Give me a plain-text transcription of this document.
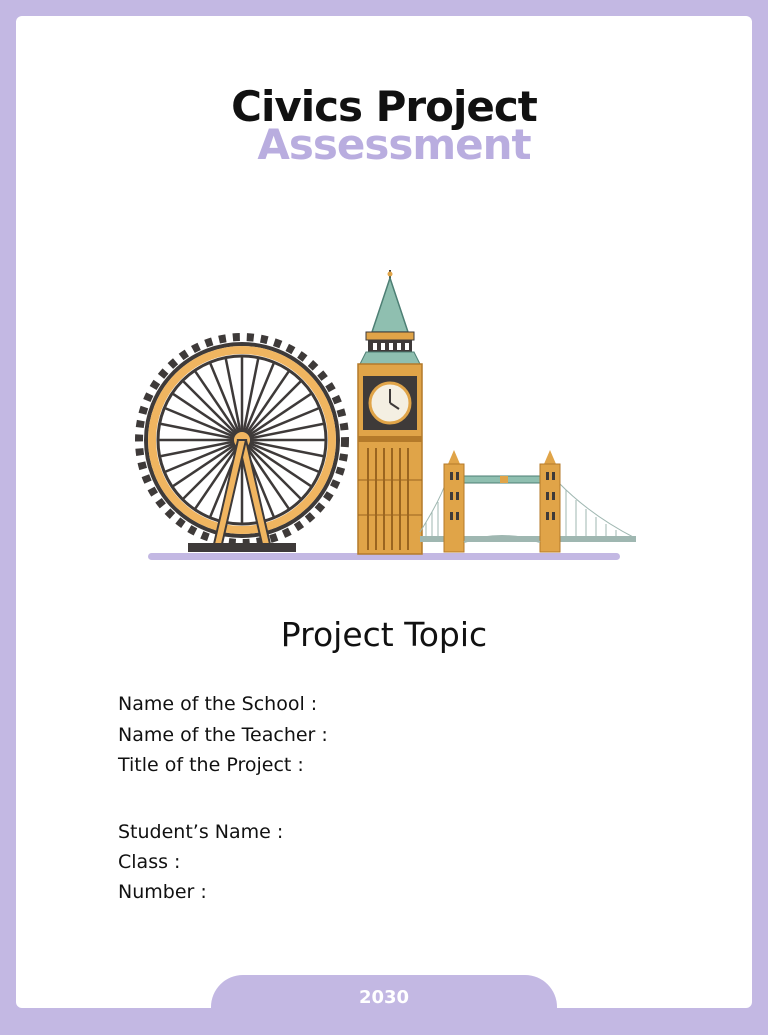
Civics Project
Assessment
Project Topic
Name of the School :
Name of the Teacher :
Title of the Project :
Student’s Name :
Class :
Number :
2030
